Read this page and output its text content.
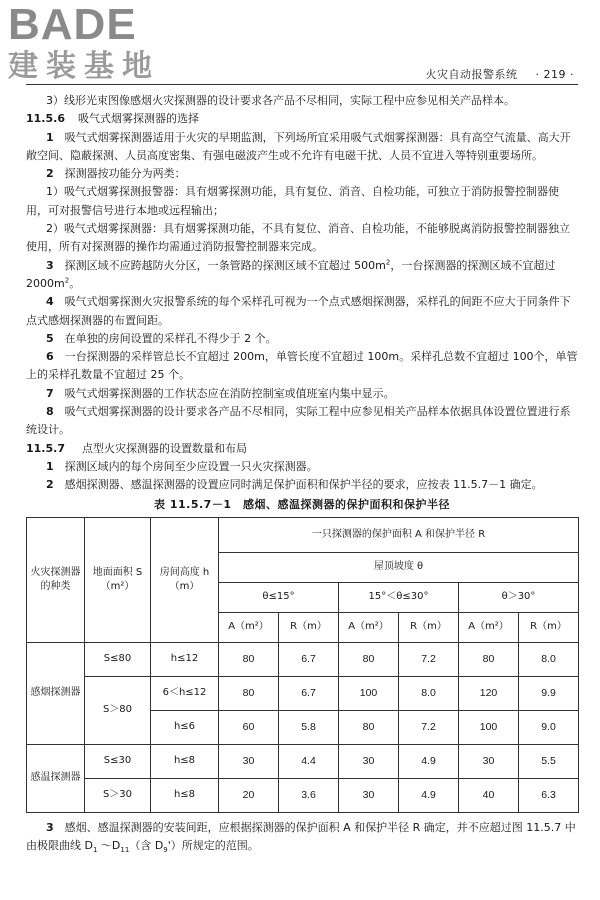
BADE
建装基地	火灾自动报警系统 · 219 ·

3）线形光束图像感烟火灾探测器的设计要求各产品不尽相同，实际工程中应参见相关产品样本。

11.5.6 吸气式烟雾探测器的选择

1　 吸气式烟雾探测器适用于火灾的早期监测，下列场所宜采用吸气式烟雾探测器：具有高空气流量、高大开敞空间、隐蔽探测、人员高度密集、有强电磁波产生或不允许有电磁干扰、人员不宜进入等特别重要场所。

2　 探测器按功能分为两类：

1）吸气式烟雾探测报警器：具有烟雾探测功能，具有复位、消音、自检功能，可独立于消防报警控制器使用，可对报警信号进行本地或远程输出；

2）吸气式烟雾探测器：具有烟雾探测功能，不具有复位、消音、自检功能，不能够脱离消防报警控制器独立使用，所有对探测器的操作均需通过消防报警控制器来完成。

3　 探测区域不应跨越防火分区，一条管路的探测区域不宜超过 $500m^2$，一台探测器的探测区域不宜超过 $2000m^2$。

4　 吸气式烟雾探测火灾报警系统的每个采样孔可视为一个点式感烟探测器，采样孔的间距不应大于同条件下点式感烟探测器的布置间距。

5　 在单独的房间设置的采样孔不得少于 2 个。

6　 一台探测器的采样管总长不宜超过 200m，单管长度不宜超过 100m。采样孔总数不宜超过 100个，单管上的采样孔数量不宜超过 25 个。

7　 吸气式烟雾探测器的工作状态应在消防控制室或值班室内集中显示。

8　 吸气式烟雾探测器的设计要求各产品不尽相同，实际工程中应参见相关产品样本依据具体设置位置进行系统设计。

11.5.7 点型火灾探测器的设置数量和布局

1　 探测区域内的每个房间至少应设置一只火灾探测器。

2　 感烟探测器、感温探测器的设置应同时满足保护面积和保护半径的要求，应按表 11.5.7－1 确定。

表 11.5.7－1　感烟、感温探测器的保护面积和保护半径

火灾探测器的种类	地面面积 S（m²）	房间高度 h（m）	一只探测器的保护面积 A 和保护半径 R					
			屋顶坡度 θ					
			θ≤15°		15°＜θ≤30°		θ＞30°	
			A（m²）	R（m）	A（m²）	R（m）	A（m²）	R（m）
感烟探测器	S≤80	h≤12	80	6.7	80	7.2	80	8.0
	S＞80	6＜h≤12	80	6.7	100	8.0	120	9.9
		h≤6	60	5.8	80	7.2	100	9.0
感温探测器	S≤30	h≤8	30	4.4	30	4.9	30	5.5
	S＞30	h≤8	20	3.6	30	4.9	40	6.3

3　 感烟、感温探测器的安装间距，应根据探测器的保护面积 A 和保护半径 R 确定，并不应超过图 11.5.7 中由极限曲线 $D_1$ $\sim D_{11}$（含 $D_9'$）所规定的范围。
